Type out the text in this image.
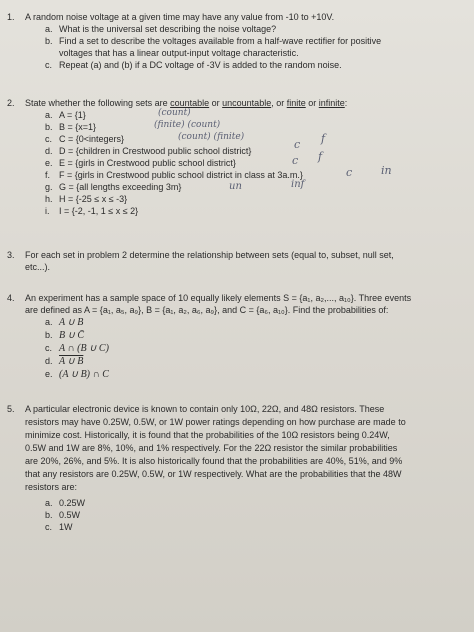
1.	A random noise voltage at a given time may have any value from -10 to +10V.
a. What is the universal set describing the noise voltage?
b. Find a set to describe the voltages available from a half-wave rectifier for positive
voltages that has a linear output-input voltage characteristic.
c. Repeat (a) and (b) if a DC voltage of -3V is added to the random noise.
2.	State whether the following sets are countable or uncountable, or finite or infinite:
a. A = {1}
b. B = {x=1}
c. C = {0<integers}
d. D = {children in Crestwood public school district}
e. E = {girls in Crestwood public school district}
f. F = {girls in Crestwood public school district in class at 3a.m.}
g. G = {all lengths exceeding 3m}
h. H = {-25 ≤ x ≤ -3}
i. I = {-2, -1, 1 ≤ x ≤ 2}
(count)
(finite) (count)
(count) (finite)
c f
c f
c	in
un	inf
3.	For each set in problem 2 determine the relationship between sets (equal to, subset, null set,
etc...).
4.	An experiment has a sample space of 10 equally likely elements S = {a₁, a₂,..., a₁₀}. Three events
are defined as A = {a₁, a₅, a₉}, B = {a₁, a₂, a₆, a₉}, and C = {a₆, a₁₀}. Find the probabilities of:
a. A ∪ B
b. B ∪ C̄
c. A ∩ (B ∪ C)
d. A ∪ B
e. (A ∪ B) ∩ C
5.	A particular electronic device is known to contain only 10Ω, 22Ω, and 48Ω resistors. These
resistors may have 0.25W, 0.5W, or 1W power ratings depending on how purchase are made to
minimize cost. Historically, it is found that the probabilities of the 10Ω resistors being 0.24W,
0.5W and 1W are 8%, 10%, and 1% respectively. For the 22Ω resistor the similar probabilities
are 20%, 26%, and 5%. It is also historically found that the probabilities are 40%, 51%, and 9%
that any resistors are 0.25W, 0.5W, or 1W respectively. What are the probabilities that the 48W
resistors are:
a. 0.25W
b. 0.5W
c. 1W
